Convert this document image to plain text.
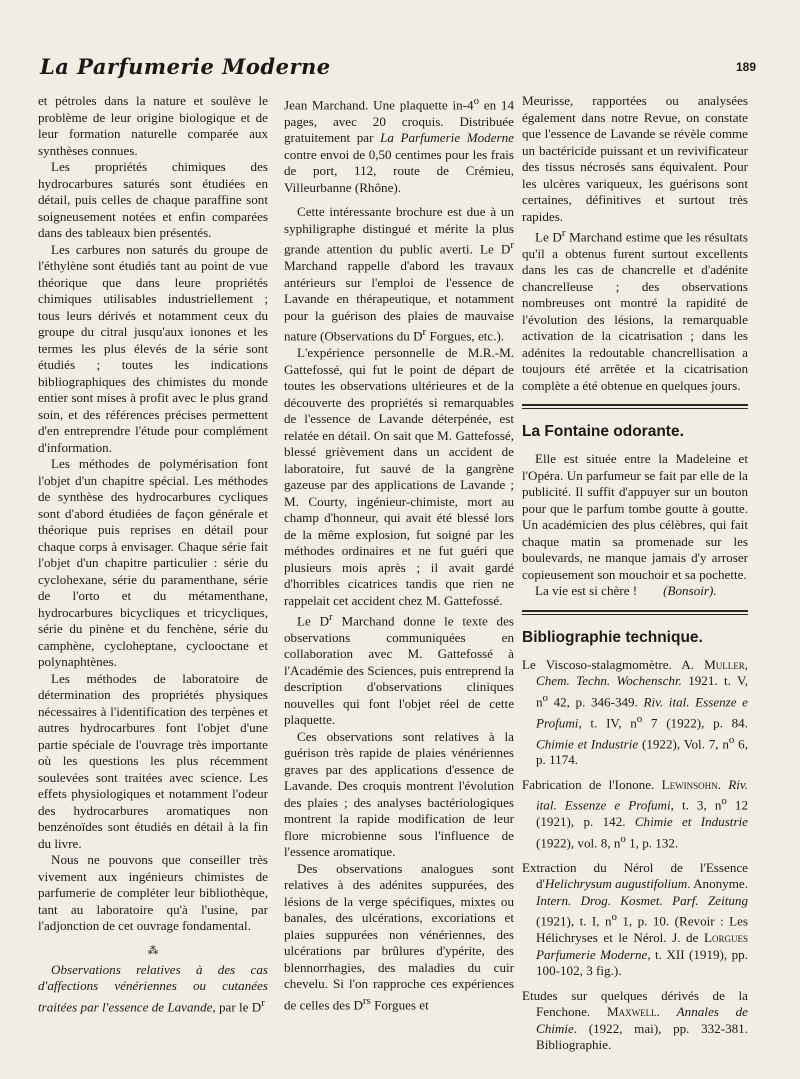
La Parfumerie Moderne	189

et pétroles dans la nature et soulève le problème de leur origine biologique et de leur formation naturelle comparée aux synthèses connues.

Les propriétés chimiques des hydrocarbures saturés sont étudiées en détail, puis celles de chaque paraffine sont soigneusement notées et enfin comparées dans des tableaux bien présentés.

Les carbures non saturés du groupe de l'éthylène sont étudiés tant au point de vue théorique que dans leure propriétés chimiques utilisables industriellement ; tous leurs dérivés et notamment ceux du groupe du citral jusqu'aux ionones et les termes les plus élevés de la série sont étudiés ; toutes les indications bibliographiques des chimistes du monde entier sont mises à profit avec le plus grand soin, et des références précises permettent d'en entreprendre l'étude pour complément d'information.

Les méthodes de polymérisation font l'objet d'un chapitre spécial. Les méthodes de synthèse des hydrocarbures cycliques sont d'abord étudiées de façon générale et théorique puis reprises en détail pour chaque corps à envisager. Chaque série fait l'objet d'un chapitre particulier : série du cyclohexane, série du paramenthane, série de l'orto et du métamenthane, hydrocarbures bicycliques et tricycliques, série du pinène et du fenchène, série du camphène, cycloheptane, cyclooctane et polynaphtènes.

Les méthodes de laboratoire de détermination des propriétés physiques nécessaires à l'identification des terpènes et autres hydrocarbures font l'objet d'une partie spéciale de l'ouvrage très importante où les questions les plus récemment soulevées sont traitées avec science. Les effets physiologiques et notamment l'odeur des hydrocarbures aromatiques non benzénoïdes sont étudiés en détail à la fin du livre.

Nous ne pouvons que conseiller très vivement aux ingénieurs chimistes de parfumerie de compléter leur bibliothèque, tant au laboratoire qu'à l'usine, par l'adjonction de cet ouvrage fondamental.

⁂

Observations relatives à des cas d'affections vénériennes ou cutanées traitées par l'essence de Lavande, par le $D^r$

Jean Marchand. Une plaquette in-4$^o$ en 14 pages, avec 20 croquis. Distribuée gratuitement par La Parfumerie Moderne contre envoi de 0,50 centimes pour les frais de port, 112, route de Crémieu, Villeurbanne (Rhône).

Cette intéressante brochure est due à un syphiligraphe distingué et mérite la plus grande attention du public averti. Le $D^r$ Marchand rappelle d'abord les travaux antérieurs sur l'emploi de l'essence de Lavande en thérapeutique, et notamment pour la guérison des plaies de mauvaise nature (Observations du $D^r$ Forgues, etc.).

L'expérience personnelle de M.R.-M. Gattefossé, qui fut le point de départ de toutes les observations ultérieures et de la découverte des propriétés si remarquables de l'essence de Lavande déterpénée, est relatée en détail. On sait que M. Gattefossé, blessé grièvement dans un accident de laboratoire, fut sauvé de la gangrène gazeuse par des applications de Lavande ; M. Courty, ingénieur-chimiste, mort au champ d'honneur, qui avait été blessé lors de la même explosion, fut soigné par les méthodes ordinaires et ne fut guéri que plusieurs mois après ; il avait gardé d'horribles cicatrices tandis que rien ne rappelait cet accident chez M. Gattefossé.

Le $D^r$ Marchand donne le texte des observations communiquées en collaboration avec M. Gattefossé à l'Académie des Sciences, puis entreprend la description d'observations cliniques nouvelles qui font l'objet réel de cette plaquette.

Ces observations sont relatives à la guérison très rapide de plaies vénériennes graves par des applications d'essence de Lavande. Des croquis montrent l'évolution des plaies ; des analyses bactériologiques montrent la rapide modification de leur flore microbienne sous l'influence de l'essence aromatique.

Des observations analogues sont relatives à des adénites suppurées, des lésions de la verge spécifiques, mixtes ou banales, des ulcérations, excoriations et plaies suppurées non vénériennes, des ulcérations par brûlures d'ypérite, des blennorrhagies, des maladies du cuir chevelu. Si l'on rapproche ces expériences de celles des $D^{rs}$ Forgues et

Meurisse, rapportées ou analysées également dans notre Revue, on constate que l'essence de Lavande se révèle comme un bactéricide puissant et un revivificateur des tissus nécrosés sans équivalent. Pour les ulcères variqueux, les guérisons sont certaines, définitives et surtout très rapides.

Le $D^r$ Marchand estime que les résultats qu'il a obtenus furent surtout excellents dans les cas de chancrelle et d'adénite chancrelleuse ; des observations nombreuses ont montré la rapidité de l'évolution des lésions, la remarquable activation de la cicatrisation ; dans les adénites la redoutable chancrellisation a toujours été arrêtée et la cicatrisation complète a été obtenue en quelques jours.

La Fontaine odorante.

Elle est située entre la Madeleine et l'Opéra. Un parfumeur se fait par elle de la publicité. Il suffit d'appuyer sur un bouton pour que le parfum tombe goutte à goutte. Un académicien des plus célèbres, qui fait chaque matin sa promenade sur les boulevards, ne manque jamais d'y arroser copieusement son mouchoir et sa pochette.

La vie est si chère ! (Bonsoir).

Bibliographie technique.

Le Viscoso-stalagmomètre. A. Muller, Chem. Techn. Wochenschr. 1921. t. V, $n^o$ 42, p. 346-349. Riv. ital. Essenze e Profumi, t. IV, $n^o$ 7 (1922), p. 84. Chimie et Industrie (1922), Vol. 7, $n^o$ 6, p. 1174.

Fabrication de l'Ionone. Lewinsohn. Riv. ital. Essenze e Profumi, t. 3, $n^o$ 12 (1921), p. 142. Chimie et Industrie (1922), vol. 8, $n^o$ 1, p. 132.

Extraction du Nérol de l'Essence d'Helichrysum augustifolium. Anonyme. Intern. Drog. Kosmet. Parf. Zeitung (1921), t. I, $n^o$ 1, p. 10. (Revoir : Les Hélichryses et le Nérol. J. de Lorgues Parfumerie Moderne, t. XII (1919), pp. 100-102, 3 fig.).

Etudes sur quelques dérivés de la Fenchone. Maxwell. Annales de Chimie. (1922, mai), pp. 332-381. Bibliographie.
